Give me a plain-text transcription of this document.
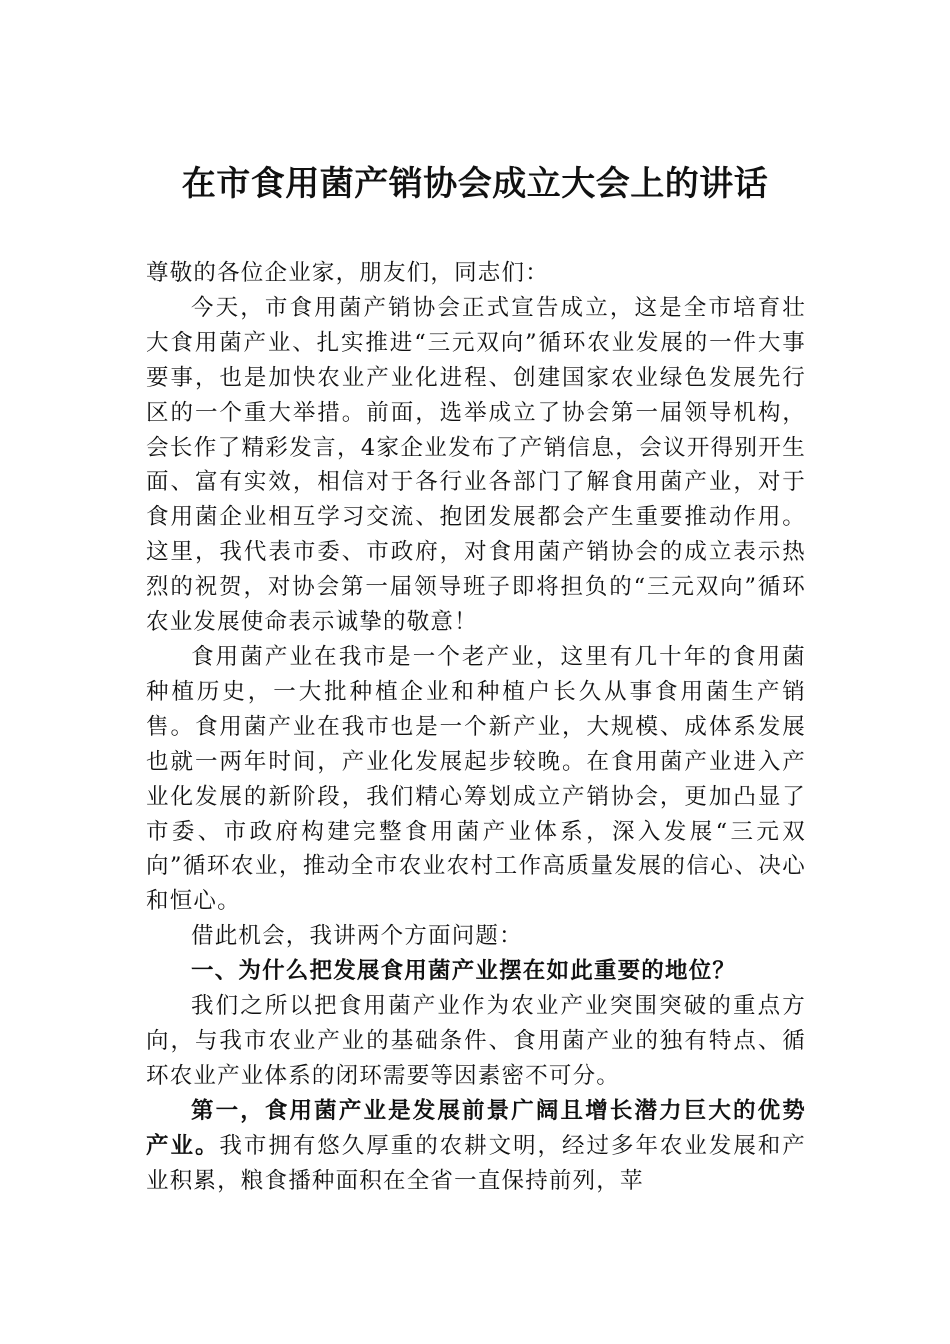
在市食用菌产销协会成立大会上的讲话

尊敬的各位企业家，朋友们，同志们：

今天，市食用菌产销协会正式宣告成立，这是全市培育壮大食用菌产业、扎实推进“三元双向”循环农业发展的一件大事要事，也是加快农业产业化进程、创建国家农业绿色发展先行区的一个重大举措。前面，选举成立了协会第一届领导机构，会长作了精彩发言，4家企业发布了产销信息，会议开得别开生面、富有实效，相信对于各行业各部门了解食用菌产业，对于食用菌企业相互学习交流、抱团发展都会产生重要推动作用。这里，我代表市委、市政府，对食用菌产销协会的成立表示热烈的祝贺，对协会第一届领导班子即将担负的“三元双向”循环农业发展使命表示诚挚的敬意！

食用菌产业在我市是一个老产业，这里有几十年的食用菌种植历史，一大批种植企业和种植户长久从事食用菌生产销售。食用菌产业在我市也是一个新产业，大规模、成体系发展也就一两年时间，产业化发展起步较晚。在食用菌产业进入产业化发展的新阶段，我们精心筹划成立产销协会，更加凸显了市委、市政府构建完整食用菌产业体系，深入发展“三元双向”循环农业，推动全市农业农村工作高质量发展的信心、决心和恒心。

借此机会，我讲两个方面问题：

一、为什么把发展食用菌产业摆在如此重要的地位？

我们之所以把食用菌产业作为农业产业突围突破的重点方向，与我市农业产业的基础条件、食用菌产业的独有特点、循环农业产业体系的闭环需要等因素密不可分。

第一，食用菌产业是发展前景广阔且增长潜力巨大的优势产业。我市拥有悠久厚重的农耕文明，经过多年农业发展和产业积累，粮食播种面积在全省一直保持前列，苹
